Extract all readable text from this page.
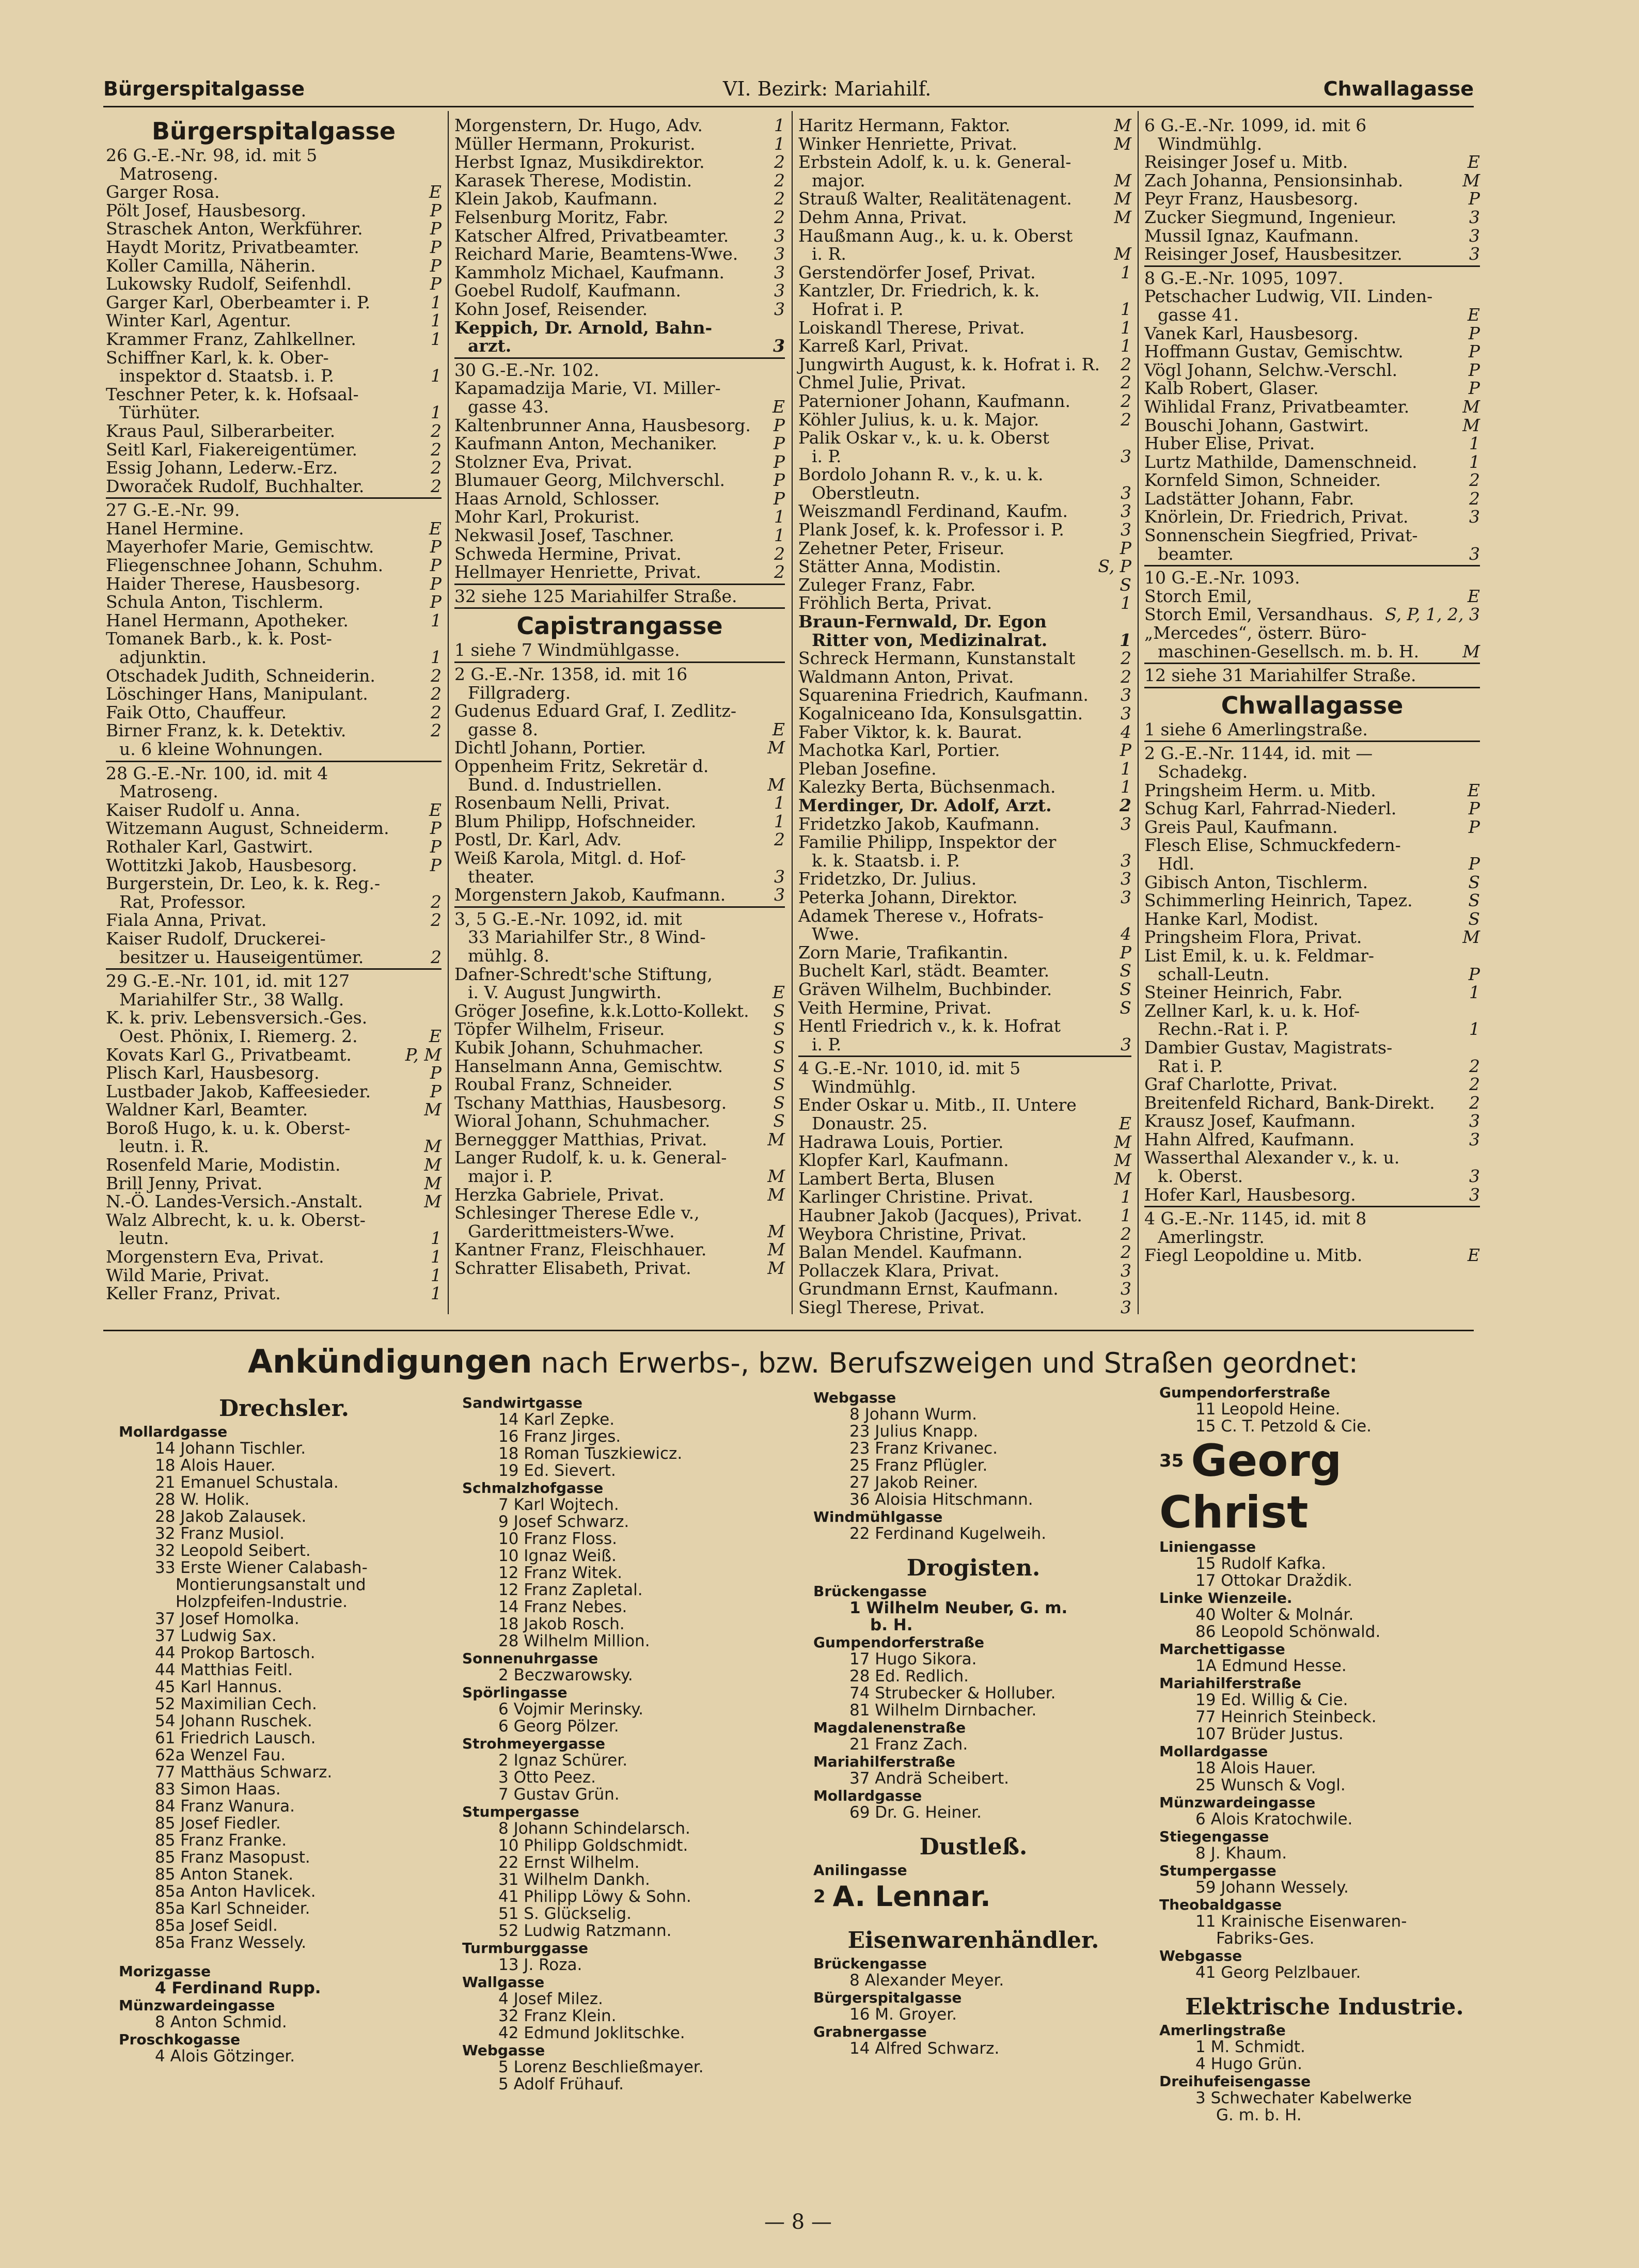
Bürgerspitalgasse	VI. Bezirk: Mariahilf.	Chwallagasse
Bürgerspitalgasse
26 G.-E.-Nr. 98, id. mit 5
Matroseng.
Garger Rosa.	E
Pölt Josef, Hausbesorg.	P
Straschek Anton, Werkführer.	P
Haydt Moritz, Privatbeamter.	P
Koller Camilla, Näherin.	P
Lukowsky Rudolf, Seifenhdl.	P
Garger Karl, Oberbeamter i. P.	1
Winter Karl, Agentur.	1
Krammer Franz, Zahlkellner.	1
Schiffner Karl, k. k. Ober-
inspektor d. Staatsb. i. P.	1
Teschner Peter, k. k. Hofsaal-
Türhüter.	1
Kraus Paul, Silberarbeiter.	2
Seitl Karl, Fiakereigentümer.	2
Essig Johann, Lederw.-Erz.	2
Dworaček Rudolf, Buchhalter.	2
27 G.-E.-Nr. 99.
Hanel Hermine.	E
Mayerhofer Marie, Gemischtw.	P
Fliegenschnee Johann, Schuhm.	P
Haider Therese, Hausbesorg.	P
Schula Anton, Tischlerm.	P
Hanel Hermann, Apotheker.	1
Tomanek Barb., k. k. Post-
adjunktin.	1
Otschadek Judith, Schneiderin.	2
Löschinger Hans, Manipulant.	2
Faik Otto, Chauffeur.	2
Birner Franz, k. k. Detektiv.	2
u. 6 kleine Wohnungen.
28 G.-E.-Nr. 100, id. mit 4
Matroseng.
Kaiser Rudolf u. Anna.	E
Witzemann August, Schneiderm. P
Rothaler Karl, Gastwirt.	P
Wottitzki Jakob, Hausbesorg.	P
Burgerstein, Dr. Leo, k. k. Reg.-
Rat, Professor.	2
Fiala Anna, Privat.	2
Kaiser Rudolf, Druckerei-
besitzer u. Hauseigentümer.	2
29 G.-E.-Nr. 101, id. mit 127
Mariahilfer Str., 38 Wallg.
K. k. priv. Lebensversich.-Ges.
Oest. Phönix, I. Riemerg. 2.	E
Kovats Karl G., Privatbeamt.	P, M
Plisch Karl, Hausbesorg.	P
Lustbader Jakob, Kaffeesieder.	P
Waldner Karl, Beamter.	M
Boroß Hugo, k. u. k. Oberst-
leutn. i. R.	M
Rosenfeld Marie, Modistin.	M
Brill Jenny, Privat.	M
N.-Ö. Landes-Versich.-Anstalt.	M
Walz Albrecht, k. u. k. Oberst-
leutn.	1
Morgenstern Eva, Privat.	1
Wild Marie, Privat.	1
Keller Franz, Privat.	1
Morgenstern, Dr. Hugo, Adv.	1
Müller Hermann, Prokurist.	1
Herbst Ignaz, Musikdirektor.	2
Karasek Therese, Modistin.	2
Klein Jakob, Kaufmann.	2
Felsenburg Moritz, Fabr.	2
Katscher Alfred, Privatbeamter.	3
Reichard Marie, Beamtens-Wwe. 3
Kammholz Michael, Kaufmann.	3
Goebel Rudolf, Kaufmann.	3
Kohn Josef, Reisender.	3
Keppich, Dr. Arnold, Bahn-
arzt.	3
30 G.-E.-Nr. 102.
Kapamadzija Marie, VI. Miller-
gasse 43.	E
Kaltenbrunner Anna, Hausbesorg. P
Kaufmann Anton, Mechaniker.	P
Stolzner Eva, Privat.	P
Blumauer Georg, Milchverschl.	P
Haas Arnold, Schlosser.	P
Mohr Karl, Prokurist.	1
Nekwasil Josef, Taschner.	1
Schweda Hermine, Privat.	2
Hellmayer Henriette, Privat.	2
32 siehe 125 Mariahilfer Straße.
Capistrangasse
1 siehe 7 Windmühlgasse.
2 G.-E.-Nr. 1358, id. mit 16
Fillgraderg.
Gudenus Eduard Graf, I. Zedlitz-
gasse 8.	E
Dichtl Johann, Portier.	M
Oppenheim Fritz, Sekretär d.
Bund. d. Industriellen.	M
Rosenbaum Nelli, Privat.	1
Blum Philipp, Hofschneider.	1
Postl, Dr. Karl, Adv.	2
Weiß Karola, Mitgl. d. Hof-
theater.	3
Morgenstern Jakob, Kaufmann.	3
3, 5 G.-E.-Nr. 1092, id. mit
33 Mariahilfer Str., 8 Wind-
mühlg. 8.
Dafner-Schredt'sche Stiftung,
i. V. August Jungwirth.	E
Gröger Josefine, k.k.Lotto-Kollekt. S
Töpfer Wilhelm, Friseur.	S
Kubik Johann, Schuhmacher.	S
Hanselmann Anna, Gemischtw.	S
Roubal Franz, Schneider.	S
Tschany Matthias, Hausbesorg.	S
Wioral Johann, Schuhmacher.	S
Berneggger Matthias, Privat.	M
Langer Rudolf, k. u. k. General-
major i. P.	M
Herzka Gabriele, Privat.	M
Schlesinger Therese Edle v.,
Garderittmeisters-Wwe.	M
Kantner Franz, Fleischhauer.	M
Schratter Elisabeth, Privat.	M
Haritz Hermann, Faktor.	M
Winker Henriette, Privat.	M
Erbstein Adolf, k. u. k. General-
major.	M
Strauß Walter, Realitätenagent. M
Dehm Anna, Privat.	M
Haußmann Aug., k. u. k. Oberst
i. R.	M
Gerstendörfer Josef, Privat.	1
Kantzler, Dr. Friedrich, k. k.
Hofrat i. P.	1
Loiskandl Therese, Privat.	1
Karreß Karl, Privat.	1
Jungwirth August, k. k. Hofrat i. R. 2
Chmel Julie, Privat.	2
Paternioner Johann, Kaufmann.	2
Köhler Julius, k. u. k. Major.	2
Palik Oskar v., k. u. k. Oberst
i. P.	3
Bordolo Johann R. v., k. u. k.
Oberstleutn.	3
Weiszmandl Ferdinand, Kaufm.	3
Plank Josef, k. k. Professor i. P.	3
Zehetner Peter, Friseur.	P
Stätter Anna, Modistin.	S, P
Zuleger Franz, Fabr.	S
Fröhlich Berta, Privat.	1
Braun-Fernwald, Dr. Egon
Ritter von, Medizinalrat.	1
Schreck Hermann, Kunstanstalt	2
Waldmann Anton, Privat.	2
Squarenina Friedrich, Kaufmann. 3
Kogalniceano Ida, Konsulsgattin. 3
Faber Viktor, k. k. Baurat.	4
Machotka Karl, Portier.	P
Pleban Josefine.	1
Kalezky Berta, Büchsenmach.	1
Merdinger, Dr. Adolf, Arzt.	2
Fridetzko Jakob, Kaufmann.	3
Familie Philipp, Inspektor der
k. k. Staatsb. i. P.	3
Fridetzko, Dr. Julius.	3
Peterka Johann, Direktor.	3
Adamek Therese v., Hofrats-
Wwe.	4
Zorn Marie, Trafikantin.	P
Buchelt Karl, städt. Beamter.	S
Gräven Wilhelm, Buchbinder.	S
Veith Hermine, Privat.	S
Hentl Friedrich v., k. k. Hofrat
i. P.	3
4 G.-E.-Nr. 1010, id. mit 5
Windmühlg.
Ender Oskar u. Mitb., II. Untere
Donaustr. 25.	E
Hadrawa Louis, Portier.	M
Klopfer Karl, Kaufmann.	M
Lambert Berta, Blusen	M
Karlinger Christine. Privat.	1
Haubner Jakob (Jacques), Privat. 1
Weybora Christine, Privat.	2
Balan Mendel. Kaufmann.	2
Pollaczek Klara, Privat.	3
Grundmann Ernst, Kaufmann.	3
Siegl Therese, Privat.	3
6 G.-E.-Nr. 1099, id. mit 6
Windmühlg.
Reisinger Josef u. Mitb.	E
Zach Johanna, Pensionsinhab.	M
Peyr Franz, Hausbesorg.	P
Zucker Siegmund, Ingenieur.	3
Mussil Ignaz, Kaufmann.	3
Reisinger Josef, Hausbesitzer.	3
8 G.-E.-Nr. 1095, 1097.
Petschacher Ludwig, VII. Linden-
gasse 41.	E
Vanek Karl, Hausbesorg.	P
Hoffmann Gustav, Gemischtw.	P
Vögl Johann, Selchw.-Verschl.	P
Kalb Robert, Glaser.	P
Wihlidal Franz, Privatbeamter.	M
Bouschi Johann, Gastwirt.	M
Huber Elise, Privat.	1
Lurtz Mathilde, Damenschneid.	1
Kornfeld Simon, Schneider.	2
Ladstätter Johann, Fabr.	2
Knörlein, Dr. Friedrich, Privat.	3
Sonnenschein Siegfried, Privat-
beamter.	3
10 G.-E.-Nr. 1093.
Storch Emil,	E
Storch Emil, Versandhaus. S, P, 1, 2, 3
„Mercedes“, österr. Büro-
maschinen-Gesellsch. m. b. H.	M
12 siehe 31 Mariahilfer Straße.
Chwallagasse
1 siehe 6 Amerlingstraße.
2 G.-E.-Nr. 1144, id. mit —
Schadekg.
Pringsheim Herm. u. Mitb.	E
Schug Karl, Fahrrad-Niederl.	P
Greis Paul, Kaufmann.	P
Flesch Elise, Schmuckfedern-
Hdl.	P
Gibisch Anton, Tischlerm.	S
Schimmerling Heinrich, Tapez.	S
Hanke Karl, Modist.	S
Pringsheim Flora, Privat.	M
List Emil, k. u. k. Feldmar-
schall-Leutn.	P
Steiner Heinrich, Fabr.	1
Zellner Karl, k. u. k. Hof-
Rechn.-Rat i. P.	1
Dambier Gustav, Magistrats-
Rat i. P.	2
Graf Charlotte, Privat.	2
Breitenfeld Richard, Bank-Direkt. 2
Krausz Josef, Kaufmann.	3
Hahn Alfred, Kaufmann.	3
Wasserthal Alexander v., k. u.
k. Oberst.	3
Hofer Karl, Hausbesorg.	3
4 G.-E.-Nr. 1145, id. mit 8
Amerlingstr.
Fiegl Leopoldine u. Mitb.	E
Ankündigungen nach Erwerbs-, bzw. Berufszweigen und Straßen geordnet:
Drechsler.
Mollardgasse
14 Johann Tischler.
18 Alois Hauer.
21 Emanuel Schustala.
28 W. Holik.
28 Jakob Zalausek.
32 Franz Musiol.
32 Leopold Seibert.
33 Erste Wiener Calabash-
Montierungsanstalt und
Holzpfeifen-Industrie.
37 Josef Homolka.
37 Ludwig Sax.
44 Prokop Bartosch.
44 Matthias Feitl.
45 Karl Hannus.
52 Maximilian Cech.
54 Johann Ruschek.
61 Friedrich Lausch.
62a Wenzel Fau.
77 Matthäus Schwarz.
83 Simon Haas.
84 Franz Wanura.
85 Josef Fiedler.
85 Franz Franke.
85 Franz Masopust.
85 Anton Stanek.
85a Anton Havlicek.
85a Karl Schneider.
85a Josef Seidl.
85a Franz Wessely.
Morizgasse
4 Ferdinand Rupp.
Münzwardeingasse
8 Anton Schmid.
Proschkogasse
4 Alois Götzinger.
Sandwirtgasse
14 Karl Zepke.
16 Franz Jirges.
18 Roman Tuszkiewicz.
19 Ed. Sievert.
Schmalzhofgasse
7 Karl Wojtech.
9 Josef Schwarz.
10 Franz Floss.
10 Ignaz Weiß.
12 Franz Witek.
12 Franz Zapletal.
14 Franz Nebes.
18 Jakob Rosch.
28 Wilhelm Million.
Sonnenuhrgasse
2 Beczwarowsky.
Spörlingasse
6 Vojmir Merinsky.
6 Georg Pölzer.
Strohmeyergasse
2 Ignaz Schürer.
3 Otto Peez.
7 Gustav Grün.
Stumpergasse
8 Johann Schindelarsch.
10 Philipp Goldschmidt.
22 Ernst Wilhelm.
31 Wilhelm Dankh.
41 Philipp Löwy & Sohn.
51 S. Glückselig.
52 Ludwig Ratzmann.
Turmburggasse
13 J. Roza.
Wallgasse
4 Josef Milez.
32 Franz Klein.
42 Edmund Joklitschke.
Webgasse
5 Lorenz Beschließmayer.
5 Adolf Frühauf.
Webgasse
8 Johann Wurm.
23 Julius Knapp.
23 Franz Krivanec.
25 Franz Pflügler.
27 Jakob Reiner.
36 Aloisia Hitschmann.
Windmühlgasse
22 Ferdinand Kugelweih.
Drogisten.
Brückengasse
1 Wilhelm Neuber, G. m.
b. H.
Gumpendorferstraße
17 Hugo Sikora.
28 Ed. Redlich.
74 Strubecker & Holluber.
81 Wilhelm Dirnbacher.
Magdalenenstraße
21 Franz Zach.
Mariahilferstraße
37 Andrä Scheibert.
Mollardgasse
69 Dr. G. Heiner.
Dustleß.
Anilingasse
$^2$ A. Lennar.
Eisenwarenhändler.
Brückengasse
8 Alexander Meyer.
Bürgerspitalgasse
16 M. Groyer.
Grabnergasse
14 Alfred Schwarz.
Gumpendorferstraße
11 Leopold Heine.
15 C. T. Petzold & Cie.
$^{35}$ Georg Christ
Liniengasse
15 Rudolf Kafka.
17 Ottokar Draždik.
Linke Wienzeile.
40 Wolter & Molnár.
86 Leopold Schönwald.
Marchettigasse
1A Edmund Hesse.
Mariahilferstraße
19 Ed. Willig & Cie.
77 Heinrich Steinbeck.
107 Brüder Justus.
Mollardgasse
18 Alois Hauer.
25 Wunsch & Vogl.
Münzwardeingasse
6 Alois Kratochwile.
Stiegengasse
8 J. Khaum.
Stumpergasse
59 Johann Wessely.
Theobaldgasse
11 Krainische Eisenwaren-
Fabriks-Ges.
Webgasse
41 Georg Pelzlbauer.
Elektrische Industrie.
Amerlingstraße
1 M. Schmidt.
4 Hugo Grün.
Dreihufeisengasse
3 Schwechater Kabelwerke
G. m. b. H.
— 8 —
